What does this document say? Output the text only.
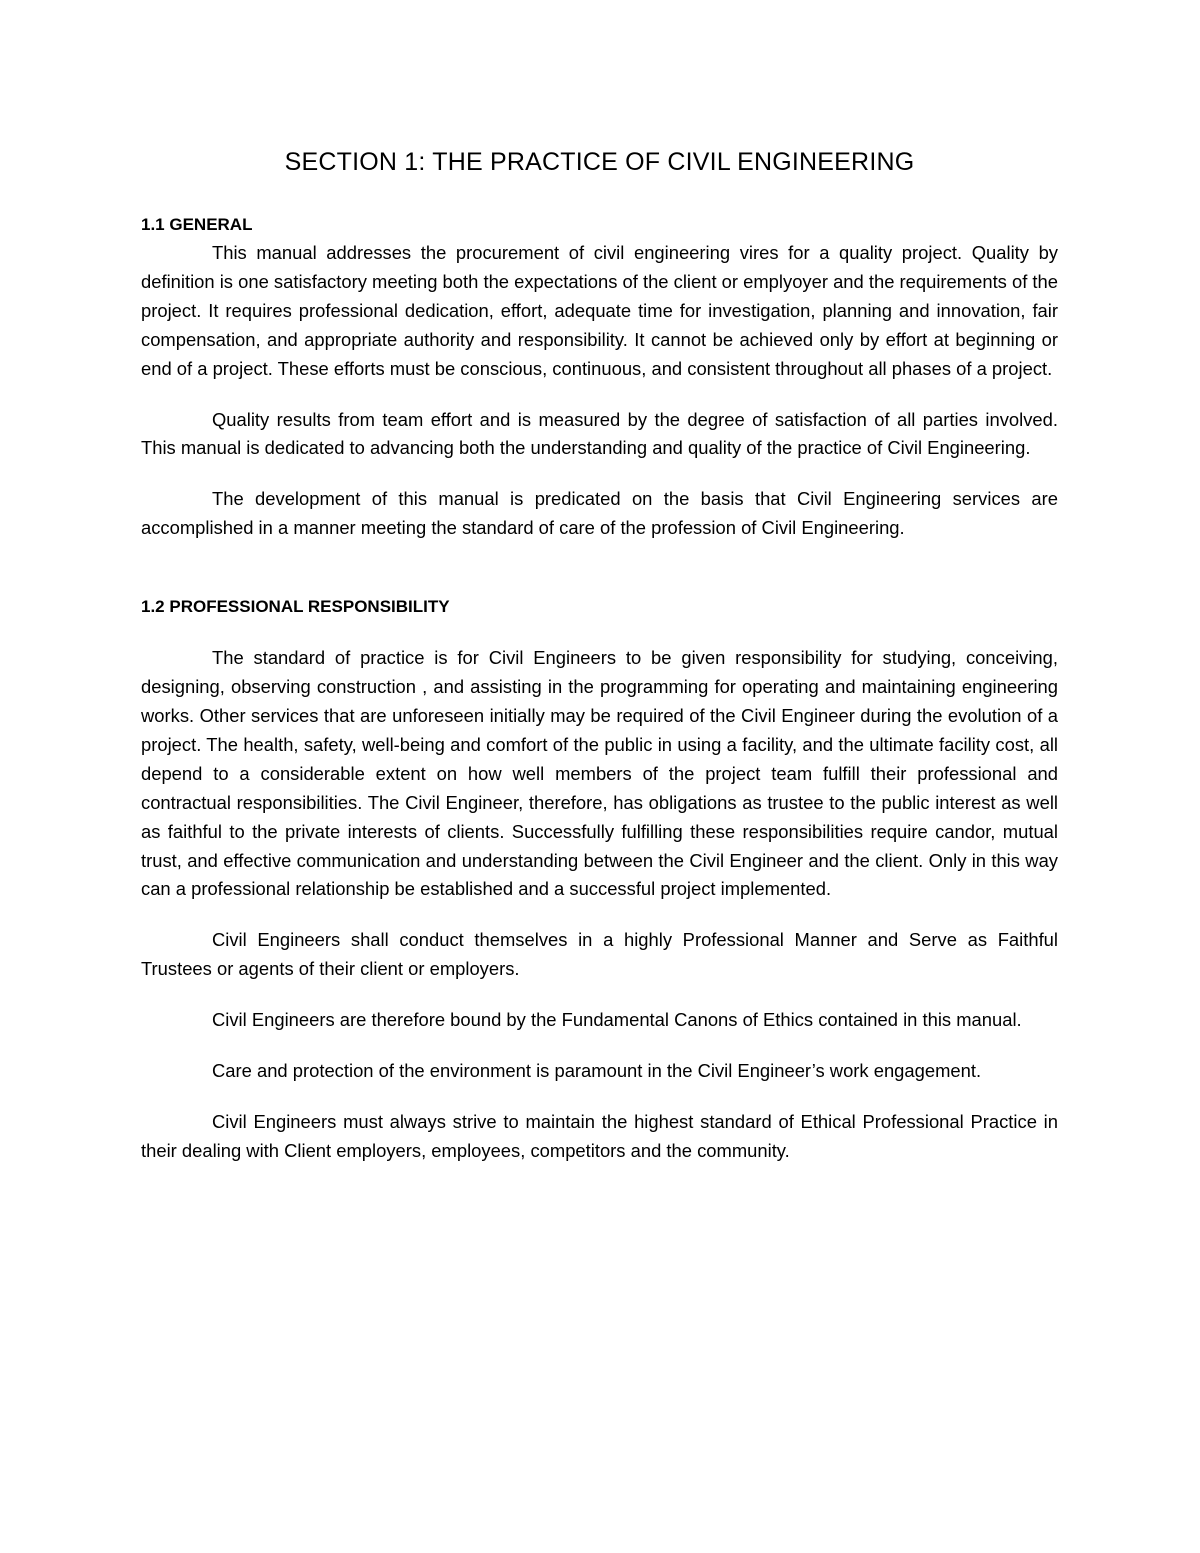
SECTION 1: THE PRACTICE OF CIVIL ENGINEERING
1.1 GENERAL

This manual addresses the procurement of civil engineering vires for a quality project. Quality by definition is one satisfactory meeting both the expectations of the client or emplyoyer and the requirements of the project. It requires professional dedication, effort, adequate time for investigation, planning and innovation, fair compensation, and appropriate authority and responsibility. It cannot be achieved only by effort at beginning or end of a project. These efforts must be conscious, continuous, and consistent throughout all phases of a project.

Quality results from team effort and is measured by the degree of satisfaction of all parties involved. This manual is dedicated to advancing both the understanding and quality of the practice of Civil Engineering.

The development of this manual is predicated on the basis that Civil Engineering services are accomplished in a manner meeting the standard of care of the profession of Civil Engineering.

1.2 PROFESSIONAL RESPONSIBILITY

The standard of practice is for Civil Engineers to be given responsibility for studying, conceiving, designing, observing construction , and assisting in the programming for operating and maintaining engineering works. Other services that are unforeseen initially may be required of the Civil Engineer during the evolution of a project. The health, safety, well-being and comfort of the public in using a facility, and the ultimate facility cost, all depend to a considerable extent on how well members of the project team fulfill their professional and contractual responsibilities. The Civil Engineer, therefore, has obligations as trustee to the public interest as well as faithful to the private interests of clients. Successfully fulfilling these responsibilities require candor, mutual trust, and effective communication and understanding between the Civil Engineer and the client. Only in this way can a professional relationship be established and a successful project implemented.

Civil Engineers shall conduct themselves in a highly Professional Manner and Serve as Faithful Trustees or agents of their client or employers.

Civil Engineers are therefore bound by the Fundamental Canons of Ethics contained in this manual.

Care and protection of the environment is paramount in the Civil Engineer’s work engagement.

Civil Engineers must always strive to maintain the highest standard of Ethical Professional Practice in their dealing with Client employers, employees, competitors and the community.
